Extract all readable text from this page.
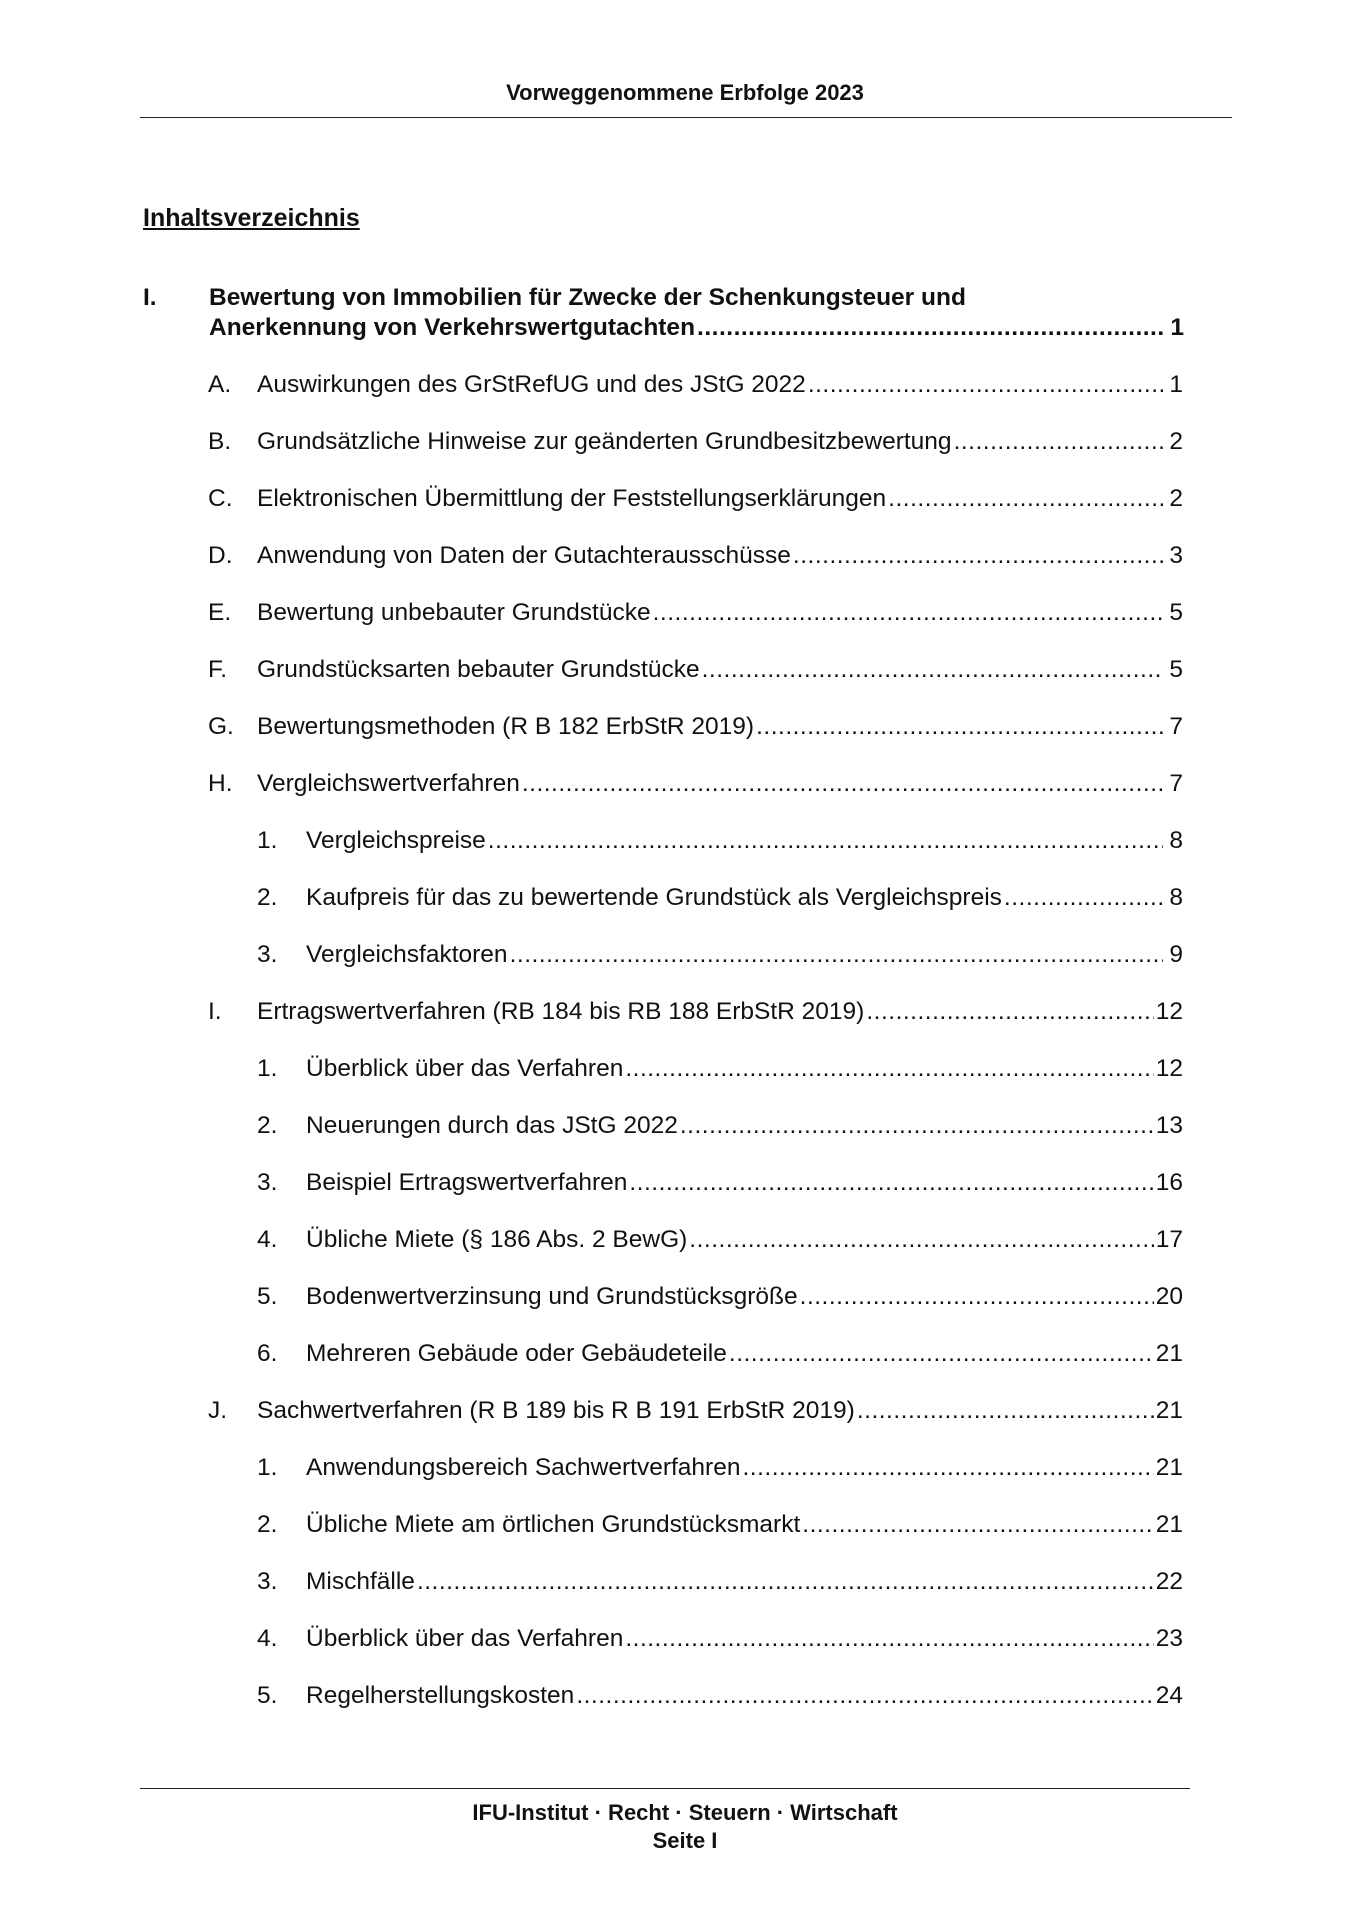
Vorweggenommene Erbfolge 2023
Inhaltsverzeichnis
I. Bewertung von Immobilien für Zwecke der Schenkungsteuer und
Anerkennung von Verkehrswertgutachten .....	1
A.	Auswirkungen des GrStRefUG und des JStG 2022 .....	1
B.	Grundsätzliche Hinweise zur geänderten Grundbesitzbewertung .....	2
C.	Elektronischen Übermittlung der Feststellungserklärungen .....	2
D.	Anwendung von Daten der Gutachterausschüsse .....	3
E.	Bewertung unbebauter Grundstücke .....	5
F.	Grundstücksarten bebauter Grundstücke .....	5
G. Bewertungsmethoden (R B 182 ErbStR 2019) .....	7
H.	Vergleichswertverfahren .....	7
1.	Vergleichspreise .....	8
2.	Kaufpreis für das zu bewertende Grundstück als Vergleichspreis .....	8
3.	Vergleichsfaktoren .....	9
I.	Ertragswertverfahren (RB 184 bis RB 188 ErbStR 2019) .....	12
1.	Überblick über das Verfahren .....	12
2.	Neuerungen durch das JStG 2022 .....	13
3.	Beispiel Ertragswertverfahren .....	16
4.	Übliche Miete (§ 186 Abs. 2 BewG) .....	17
5.	Bodenwertverzinsung und Grundstücksgröße .....	20
6.	Mehreren Gebäude oder Gebäudeteile .....	21
J.	Sachwertverfahren (R B 189 bis R B 191 ErbStR 2019) .....	21
1.	Anwendungsbereich Sachwertverfahren .....	21
2.	Übliche Miete am örtlichen Grundstücksmarkt .....	21
3.	Mischfälle .....	22
4.	Überblick über das Verfahren .....	23
5.	Regelherstellungskosten .....	24
IFU-Institut · Recht · Steuern · Wirtschaft
Seite I
